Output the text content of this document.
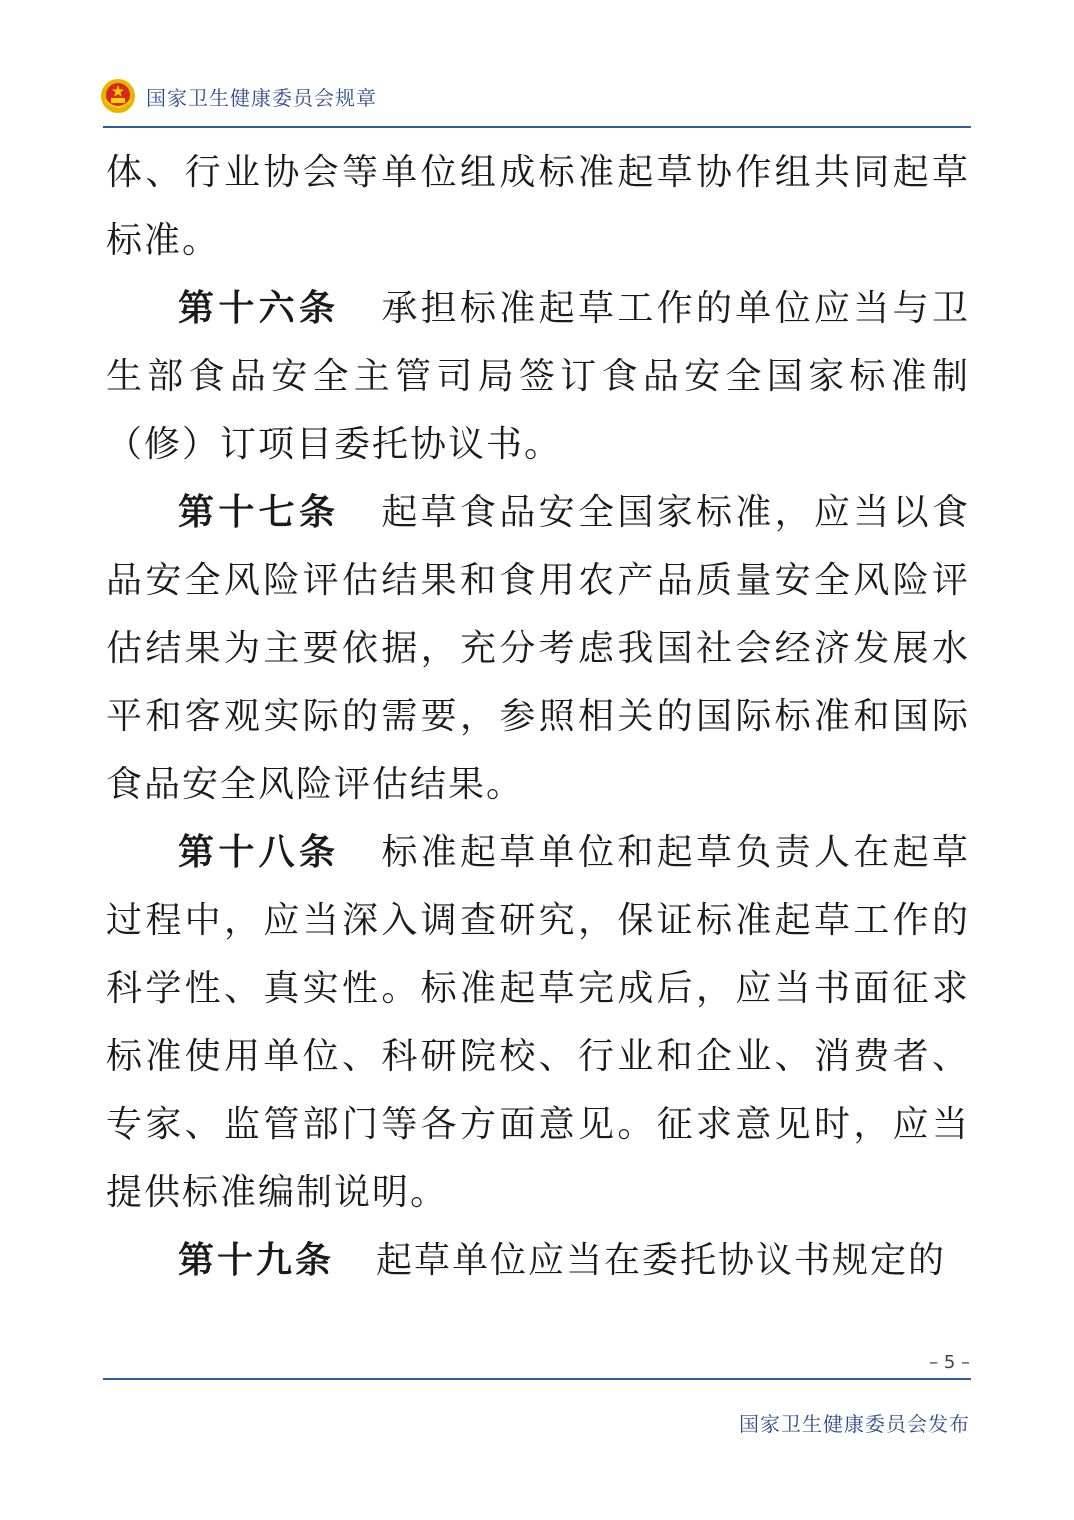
国家卫生健康委员会规章

体、行业协会等单位组成标准起草协作组共同起草标准。

第十六条 承担标准起草工作的单位应当与卫生部食品安全主管司局签订食品安全国家标准制（修）订项目委托协议书。

第十七条 起草食品安全国家标准，应当以食品安全风险评估结果和食用农产品质量安全风险评估结果为主要依据，充分考虑我国社会经济发展水平和客观实际的需要，参照相关的国际标准和国际食品安全风险评估结果。

第十八条 标准起草单位和起草负责人在起草过程中，应当深入调查研究，保证标准起草工作的科学性、真实性。标准起草完成后，应当书面征求标准使用单位、科研院校、行业和企业、消费者、专家、监管部门等各方面意见。征求意见时，应当提供标准编制说明。

第十九条 起草单位应当在委托协议书规定的

– 5 –
国家卫生健康委员会发布
